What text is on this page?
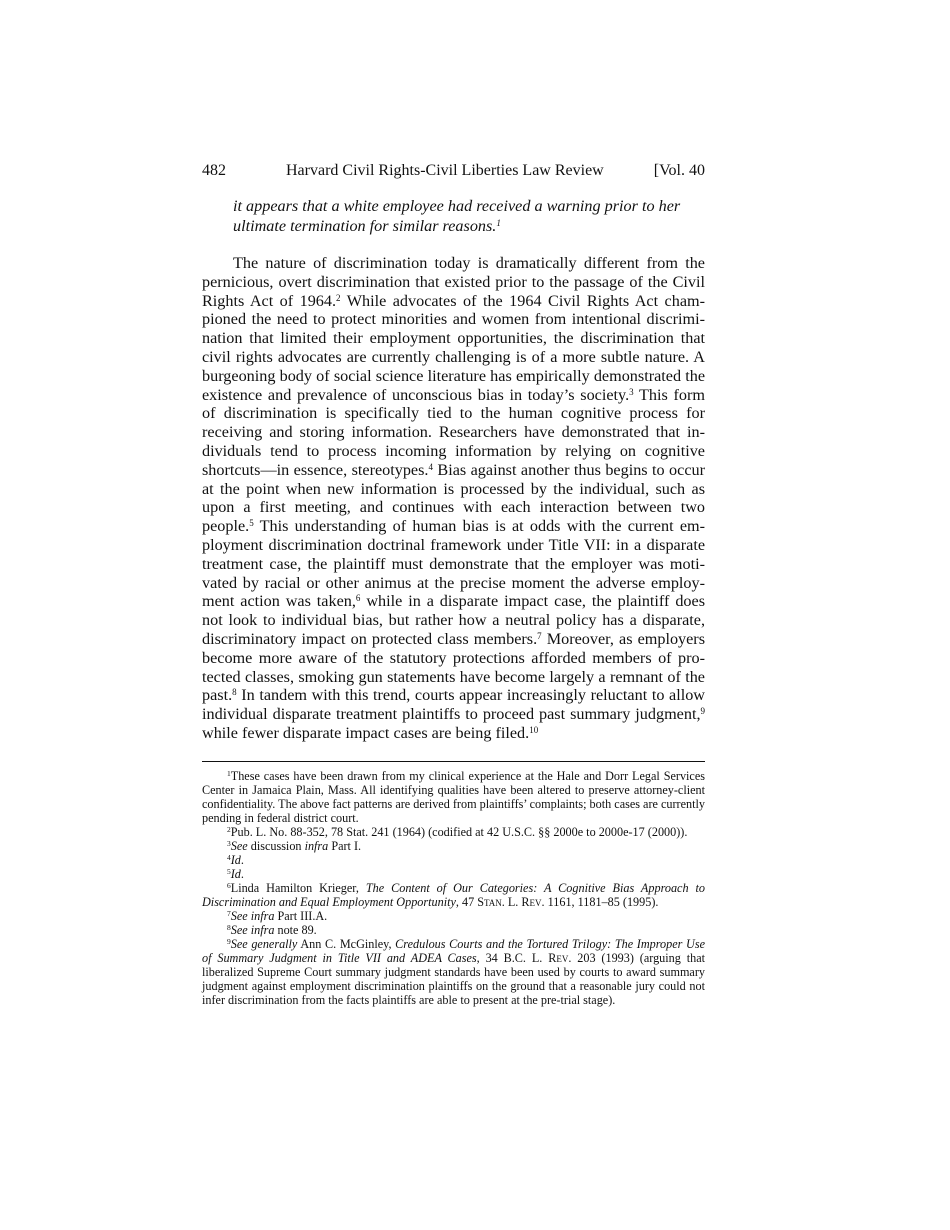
482	Harvard Civil Rights-Civil Liberties Law Review	[Vol. 40
it appears that a white employee had received a warning prior to her ultimate termination for similar reasons.$^1$

The nature of discrimination today is dramatically different from the pernicious, overt discrimination that existed prior to the passage of the Civil Rights Act of 1964.$^2$ While advocates of the 1964 Civil Rights Act championed the need to protect minorities and women from intentional discrimination that limited their employment opportunities, the discrimination that civil rights advocates are currently challenging is of a more subtle nature. A burgeoning body of social science literature has empirically demonstrated the existence and prevalence of unconscious bias in today’s society.$^3$ This form of discrimination is specifically tied to the human cognitive process for receiving and storing information. Researchers have demonstrated that individuals tend to process incoming information by relying on cognitive shortcuts—in essence, stereotypes.$^4$ Bias against another thus begins to occur at the point when new information is processed by the individual, such as upon a first meeting, and continues with each interaction between two people.$^5$ This understanding of human bias is at odds with the current employment discrimination doctrinal framework under Title VII: in a disparate treatment case, the plaintiff must demonstrate that the employer was motivated by racial or other animus at the precise moment the adverse employment action was taken,$^6$ while in a disparate impact case, the plaintiff does not look to individual bias, but rather how a neutral policy has a disparate, discriminatory impact on protected class members.$^7$ Moreover, as employers become more aware of the statutory protections afforded members of protected classes, smoking gun statements have become largely a remnant of the past.$^8$ In tandem with this trend, courts appear increasingly reluctant to allow individual disparate treatment plaintiffs to proceed past summary judgment,$^9$ while fewer disparate impact cases are being filed.$^{10}$

$^1$These cases have been drawn from my clinical experience at the Hale and Dorr Legal Services Center in Jamaica Plain, Mass. All identifying qualities have been altered to preserve attorney-client confidentiality. The above fact patterns are derived from plaintiffs’ complaints; both cases are currently pending in federal district court.
$^2$Pub. L. No. 88-352, 78 Stat. 241 (1964) (codified at 42 U.S.C. §§ 2000e to 2000e-17 (2000)).
$^3$See discussion infra Part I.
$^4$Id.
$^5$Id.
$^6$Linda Hamilton Krieger, The Content of Our Categories: A Cognitive Bias Approach to Discrimination and Equal Employment Opportunity, 47 Stan. L. Rev. 1161, 1181–85 (1995).
$^7$See infra Part III.A.
$^8$See infra note 89.
$^9$See generally Ann C. McGinley, Credulous Courts and the Tortured Trilogy: The Improper Use of Summary Judgment in Title VII and ADEA Cases, 34 B.C. L. Rev. 203 (1993) (arguing that liberalized Supreme Court summary judgment standards have been used by courts to award summary judgment against employment discrimination plaintiffs on the ground that a reasonable jury could not infer discrimination from the facts plaintiffs are able to present at the pre-trial stage).
